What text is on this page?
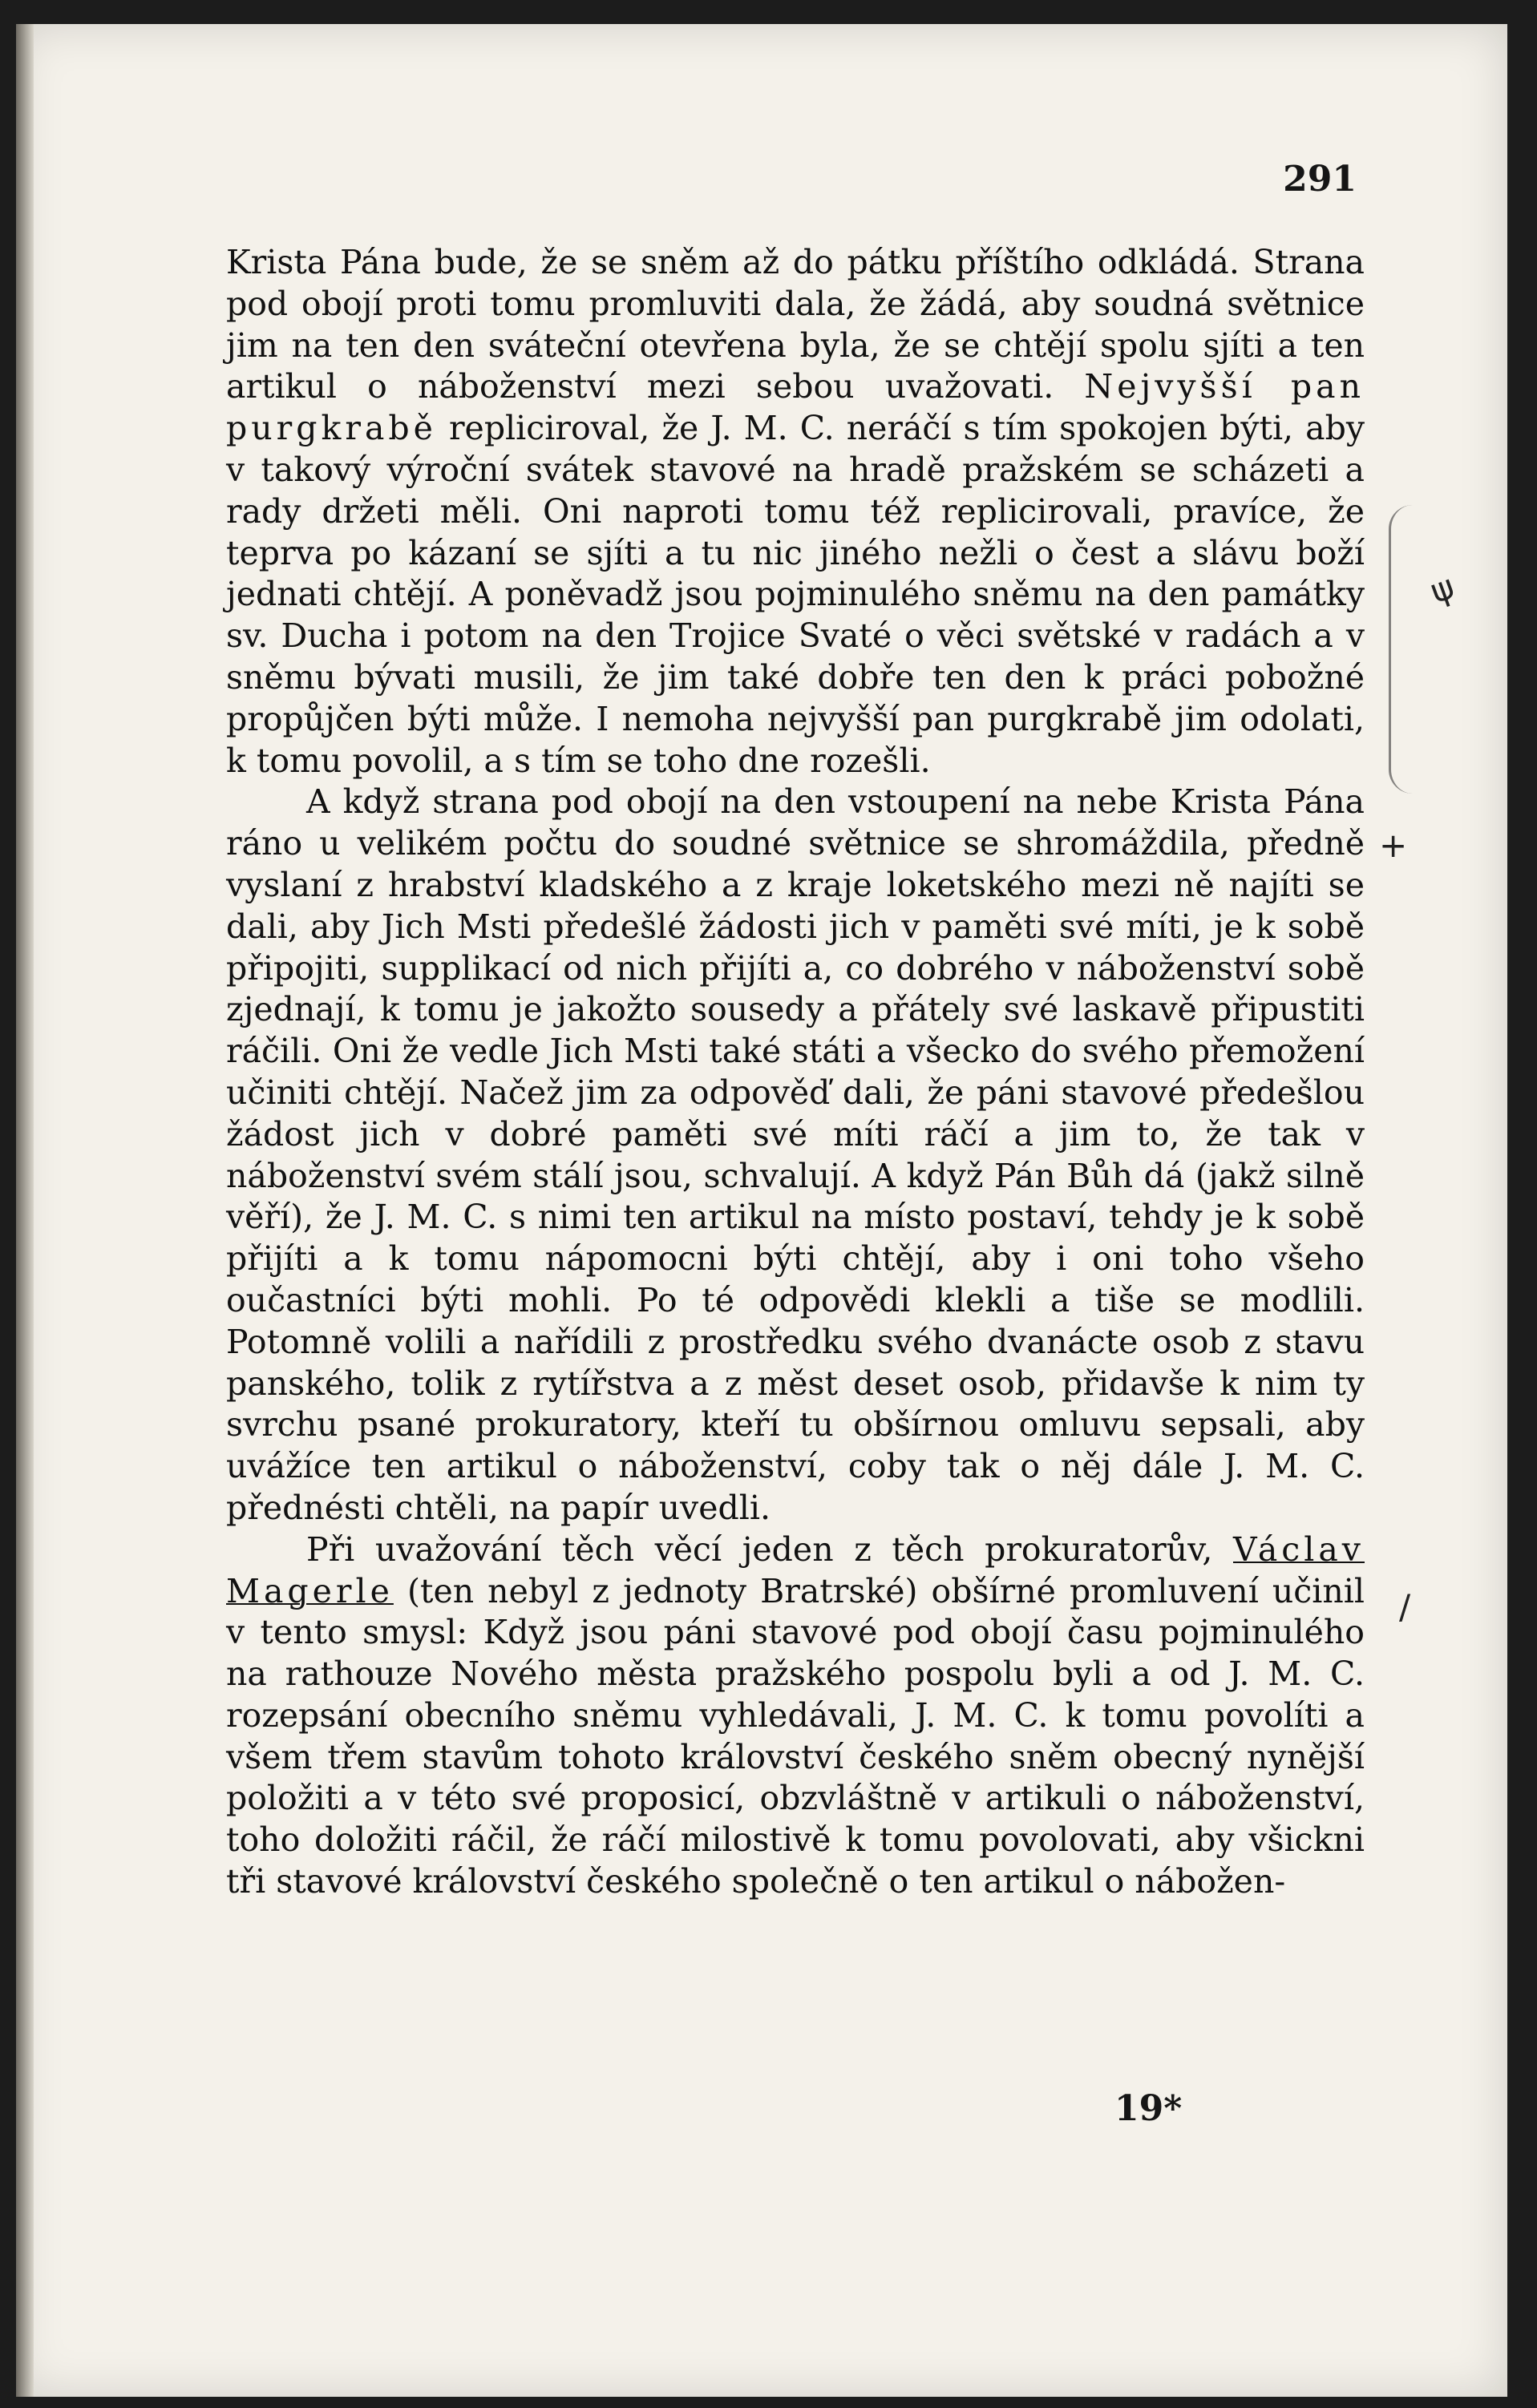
291

Krista Pána bude, že se sněm až do pátku příštího odkládá. Strana pod obojí proti tomu promluviti dala, že žádá, aby soudná světnice jim na ten den sváteční otevřena byla, že se chtějí spolu sjíti a ten artikul o náboženství mezi sebou uvažovati. Nejvyšší pan purgkrabě repliciroval, že J. M. C. neráčí s tím spokojen býti, aby v takový výroční svátek stavové na hradě pražském se scházeti a rady držeti měli. Oni naproti tomu též replicirovali, pravíce, že teprva po kázaní se sjíti a tu nic jiného nežli o čest a slávu boží jednati chtějí. A poněvadž jsou pojminulého sněmu na den památky sv. Ducha i potom na den Trojice Svaté o věci světské v radách a v sněmu bývati musili, že jim také dobře ten den k práci pobožné propůjčen býti může. I nemoha nejvyšší pan purgkrabě jim odolati, k tomu povolil, a s tím se toho dne rozešli.

A když strana pod obojí na den vstoupení na nebe Krista Pána ráno u velikém počtu do soudné světnice se shromáždila, předně vyslaní z hrabství kladského a z kraje loketského mezi ně najíti se dali, aby Jich Msti předešlé žádosti jich v paměti své míti, je k sobě připojiti, supplikací od nich přijíti a, co dobrého v náboženství sobě zjednají, k tomu je jakožto sousedy a přátely své laskavě připustiti ráčili. Oni že vedle Jich Msti také státi a všecko do svého přemožení učiniti chtějí. Načež jim za odpověď dali, že páni stavové předešlou žádost jich v dobré paměti své míti ráčí a jim to, že tak v náboženství svém stálí jsou, schvalují. A když Pán Bůh dá (jakž silně věří), že J. M. C. s nimi ten artikul na místo postaví, tehdy je k sobě přijíti a k tomu nápomocni býti chtějí, aby i oni toho všeho oučastníci býti mohli. Po té odpovědi klekli a tiše se modlili. Potomně volili a nařídili z prostředku svého dvanácte osob z stavu panského, tolik z rytířstva a z měst deset osob, přidavše k nim ty svrchu psané prokuratory, kteří tu obšírnou omluvu sepsali, aby uvážíce ten artikul o náboženství, coby tak o něj dále J. M. C. přednésti chtěli, na papír uvedli.

Při uvažování těch věcí jeden z těch prokuratorův, Václav Magerle (ten nebyl z jednoty Bratrské) obšírné promluvení učinil v tento smysl: Když jsou páni stavové pod obojí času pojminulého na rathouze Nového města pražského pospolu byli a od J. M. C. rozepsání obecního sněmu vyhledávali, J. M. C. k tomu povolíti a všem třem stavům tohoto království českého sněm obecný nynější položiti a v této své proposicí, obzvláštně v artikuli o náboženství, toho doložiti ráčil, že ráčí milostivě k tomu povolovati, aby všickni tři stavové království českého společně o ten artikul o nábožen-

19*
ψ
+
/
